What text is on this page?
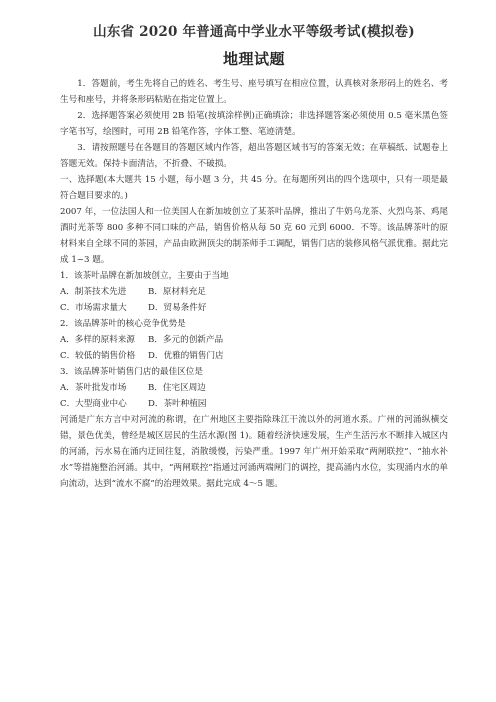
山东省 2020 年普通高中学业水平等级考试(模拟卷)
地理试题

1．答题前，考生先将自己的姓名、考生号、座号填写在相应位置，认真核对条形码上的姓名、考生号和座号，并将条形码粘贴在指定位置上。

2．选择题答案必须使用 2B 铅笔(按填涂样例)正确填涂；非选择题答案必须使用 0.5 毫米黑色签字笔书写，绘图时，可用 2B 铅笔作答，字体工整、笔迹清楚。

3．请按照题号在各题目的答题区域内作答，超出答题区域书写的答案无效；在草稿纸、试题卷上答题无效。保持卡面清洁，不折叠、不破损。

一、选择题(本大题共 15 小题，每小题 3 分，共 45 分。在每题所列出的四个选项中，只有一项是最符合题目要求的。)

2007 年，一位法国人和一位美国人在新加坡创立了某茶叶品牌，推出了牛奶乌龙茶、火烈鸟茶、鸡尾酒时光茶等 800 多种不同口味的产品，销售价格从每 50 克 60 元到 6000．不等。该品牌茶叶的原材料来自全球不同的茶园，产品由欧洲顶尖的制茶师手工调配，销售门店的装修风格气派优雅。据此完成 1~3 题。

1．该茶叶品牌在新加坡创立，主要由于当地

A．制茶技术先进	B．原材料充足
C．市场需求量大	D．贸易条件好

2．该品牌茶叶的核心竞争优势是

A．多样的原料来源	B．多元的创新产品
C．较低的销售价格	D．优雅的销售门店

3．该品牌茶叶销售门店的最佳区位是

A．茶叶批发市场	B．住宅区周边
C．大型商业中心	D．茶叶种植园

河涌是广东方言中对河流的称谓，在广州地区主要指除珠江干流以外的河道水系。广州的河涌纵横交错，景色优美，曾经是城区居民的生活水源(图 1)。随着经济快速发展，生产生活污水不断排入城区内的河涌，污水易在涌内迂回往复，消散缓慢，污染严重。1997 年广州开始采取“两闸联控”、“抽水补水”等措施整治河涌。其中，“两闸联控”指通过河涌两端闸门的调控，提高涌内水位，实现涌内水的单向流动，达到“流水不腐”的治理效果。据此完成 4～5 题。
